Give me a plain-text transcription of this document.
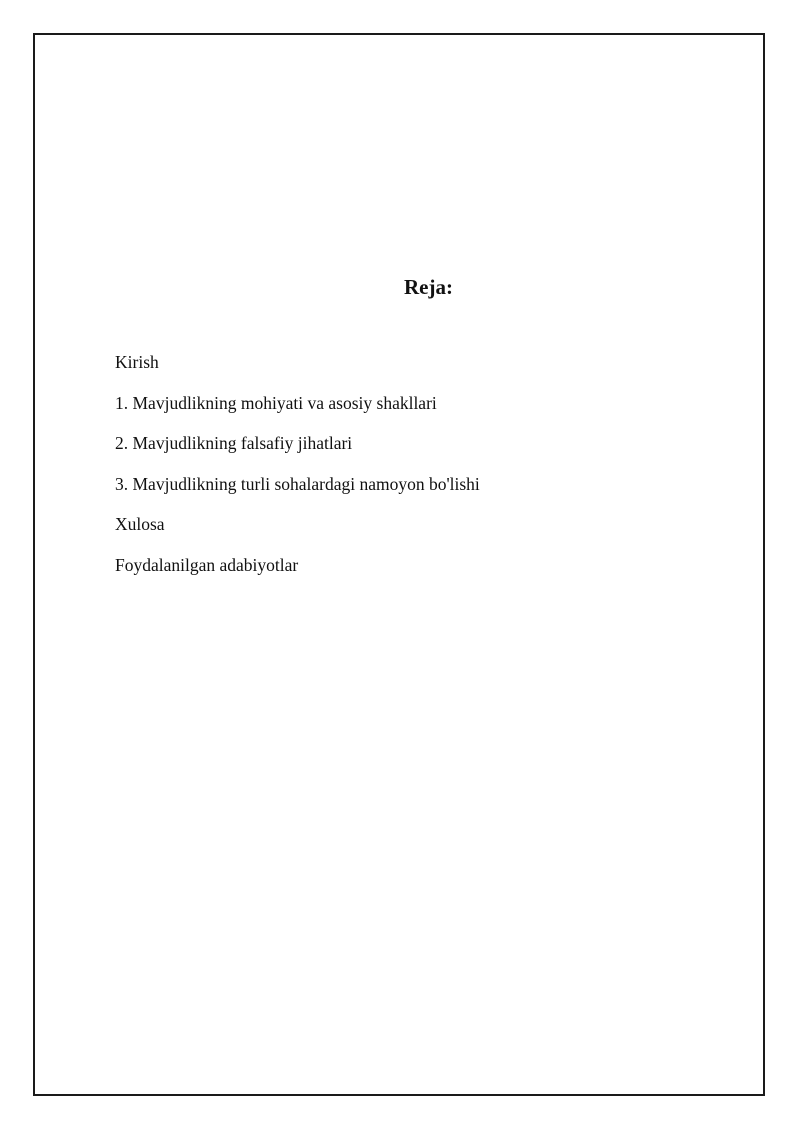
Reja:
Kirish
1. Mavjudlikning mohiyati va asosiy shakllari
2. Mavjudlikning falsafiy jihatlari
3. Mavjudlikning turli sohalardagi namoyon bo'lishi
Xulosa
Foydalanilgan adabiyotlar
